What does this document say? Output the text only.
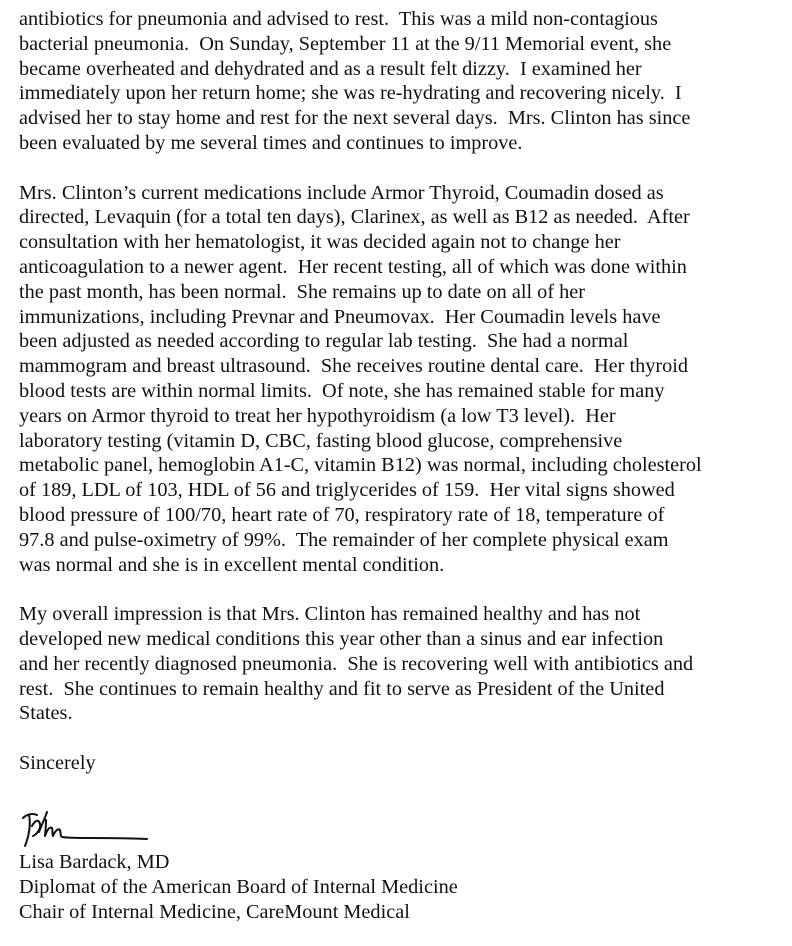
antibiotics for pneumonia and advised to rest.  This was a mild non-contagious
bacterial pneumonia.  On Sunday, September 11 at the 9/11 Memorial event, she
became overheated and dehydrated and as a result felt dizzy.  I examined her
immediately upon her return home; she was re-hydrating and recovering nicely.  I
advised her to stay home and rest for the next several days.  Mrs. Clinton has since
been evaluated by me several times and continues to improve.
Mrs. Clinton’s current medications include Armor Thyroid, Coumadin dosed as
directed, Levaquin (for a total ten days), Clarinex, as well as B12 as needed.  After
consultation with her hematologist, it was decided again not to change her
anticoagulation to a newer agent.  Her recent testing, all of which was done within
the past month, has been normal.  She remains up to date on all of her
immunizations, including Prevnar and Pneumovax.  Her Coumadin levels have
been adjusted as needed according to regular lab testing.  She had a normal
mammogram and breast ultrasound.  She receives routine dental care.  Her thyroid
blood tests are within normal limits.  Of note, she has remained stable for many
years on Armor thyroid to treat her hypothyroidism (a low T3 level).  Her
laboratory testing (vitamin D, CBC, fasting blood glucose, comprehensive
metabolic panel, hemoglobin A1-C, vitamin B12) was normal, including cholesterol
of 189, LDL of 103, HDL of 56 and triglycerides of 159.  Her vital signs showed
blood pressure of 100/70, heart rate of 70, respiratory rate of 18, temperature of
97.8 and pulse-oximetry of 99%.  The remainder of her complete physical exam
was normal and she is in excellent mental condition.
My overall impression is that Mrs. Clinton has remained healthy and has not
developed new medical conditions this year other than a sinus and ear infection
and her recently diagnosed pneumonia.  She is recovering well with antibiotics and
rest.  She continues to remain healthy and fit to serve as President of the United
States.
Sincerely
Lisa Bardack, MD
Diplomat of the American Board of Internal Medicine
Chair of Internal Medicine, CareMount Medical
